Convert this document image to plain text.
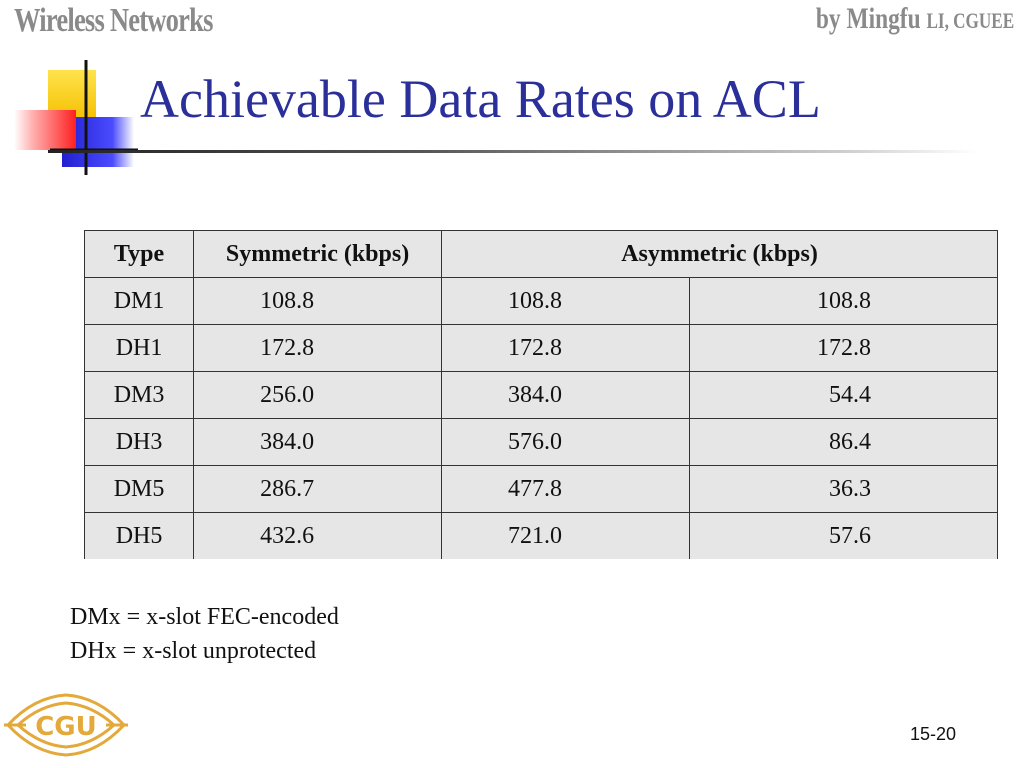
Wireless Networks	by Mingfu LI, CGUEE
Achievable Data Rates on ACL
Type	Symmetric (kbps)	Asymmetric (kbps)	
DM1	108.8	108.8	108.8
DH1	172.8	172.8	172.8
DM3	256.0	384.0	54.4
DH3	384.0	576.0	86.4
DM5	286.7	477.8	36.3
DH5	432.6	721.0	57.6
DMx = x-slot FEC-encoded
DHx = x-slot unprotected
CGU	15-20
